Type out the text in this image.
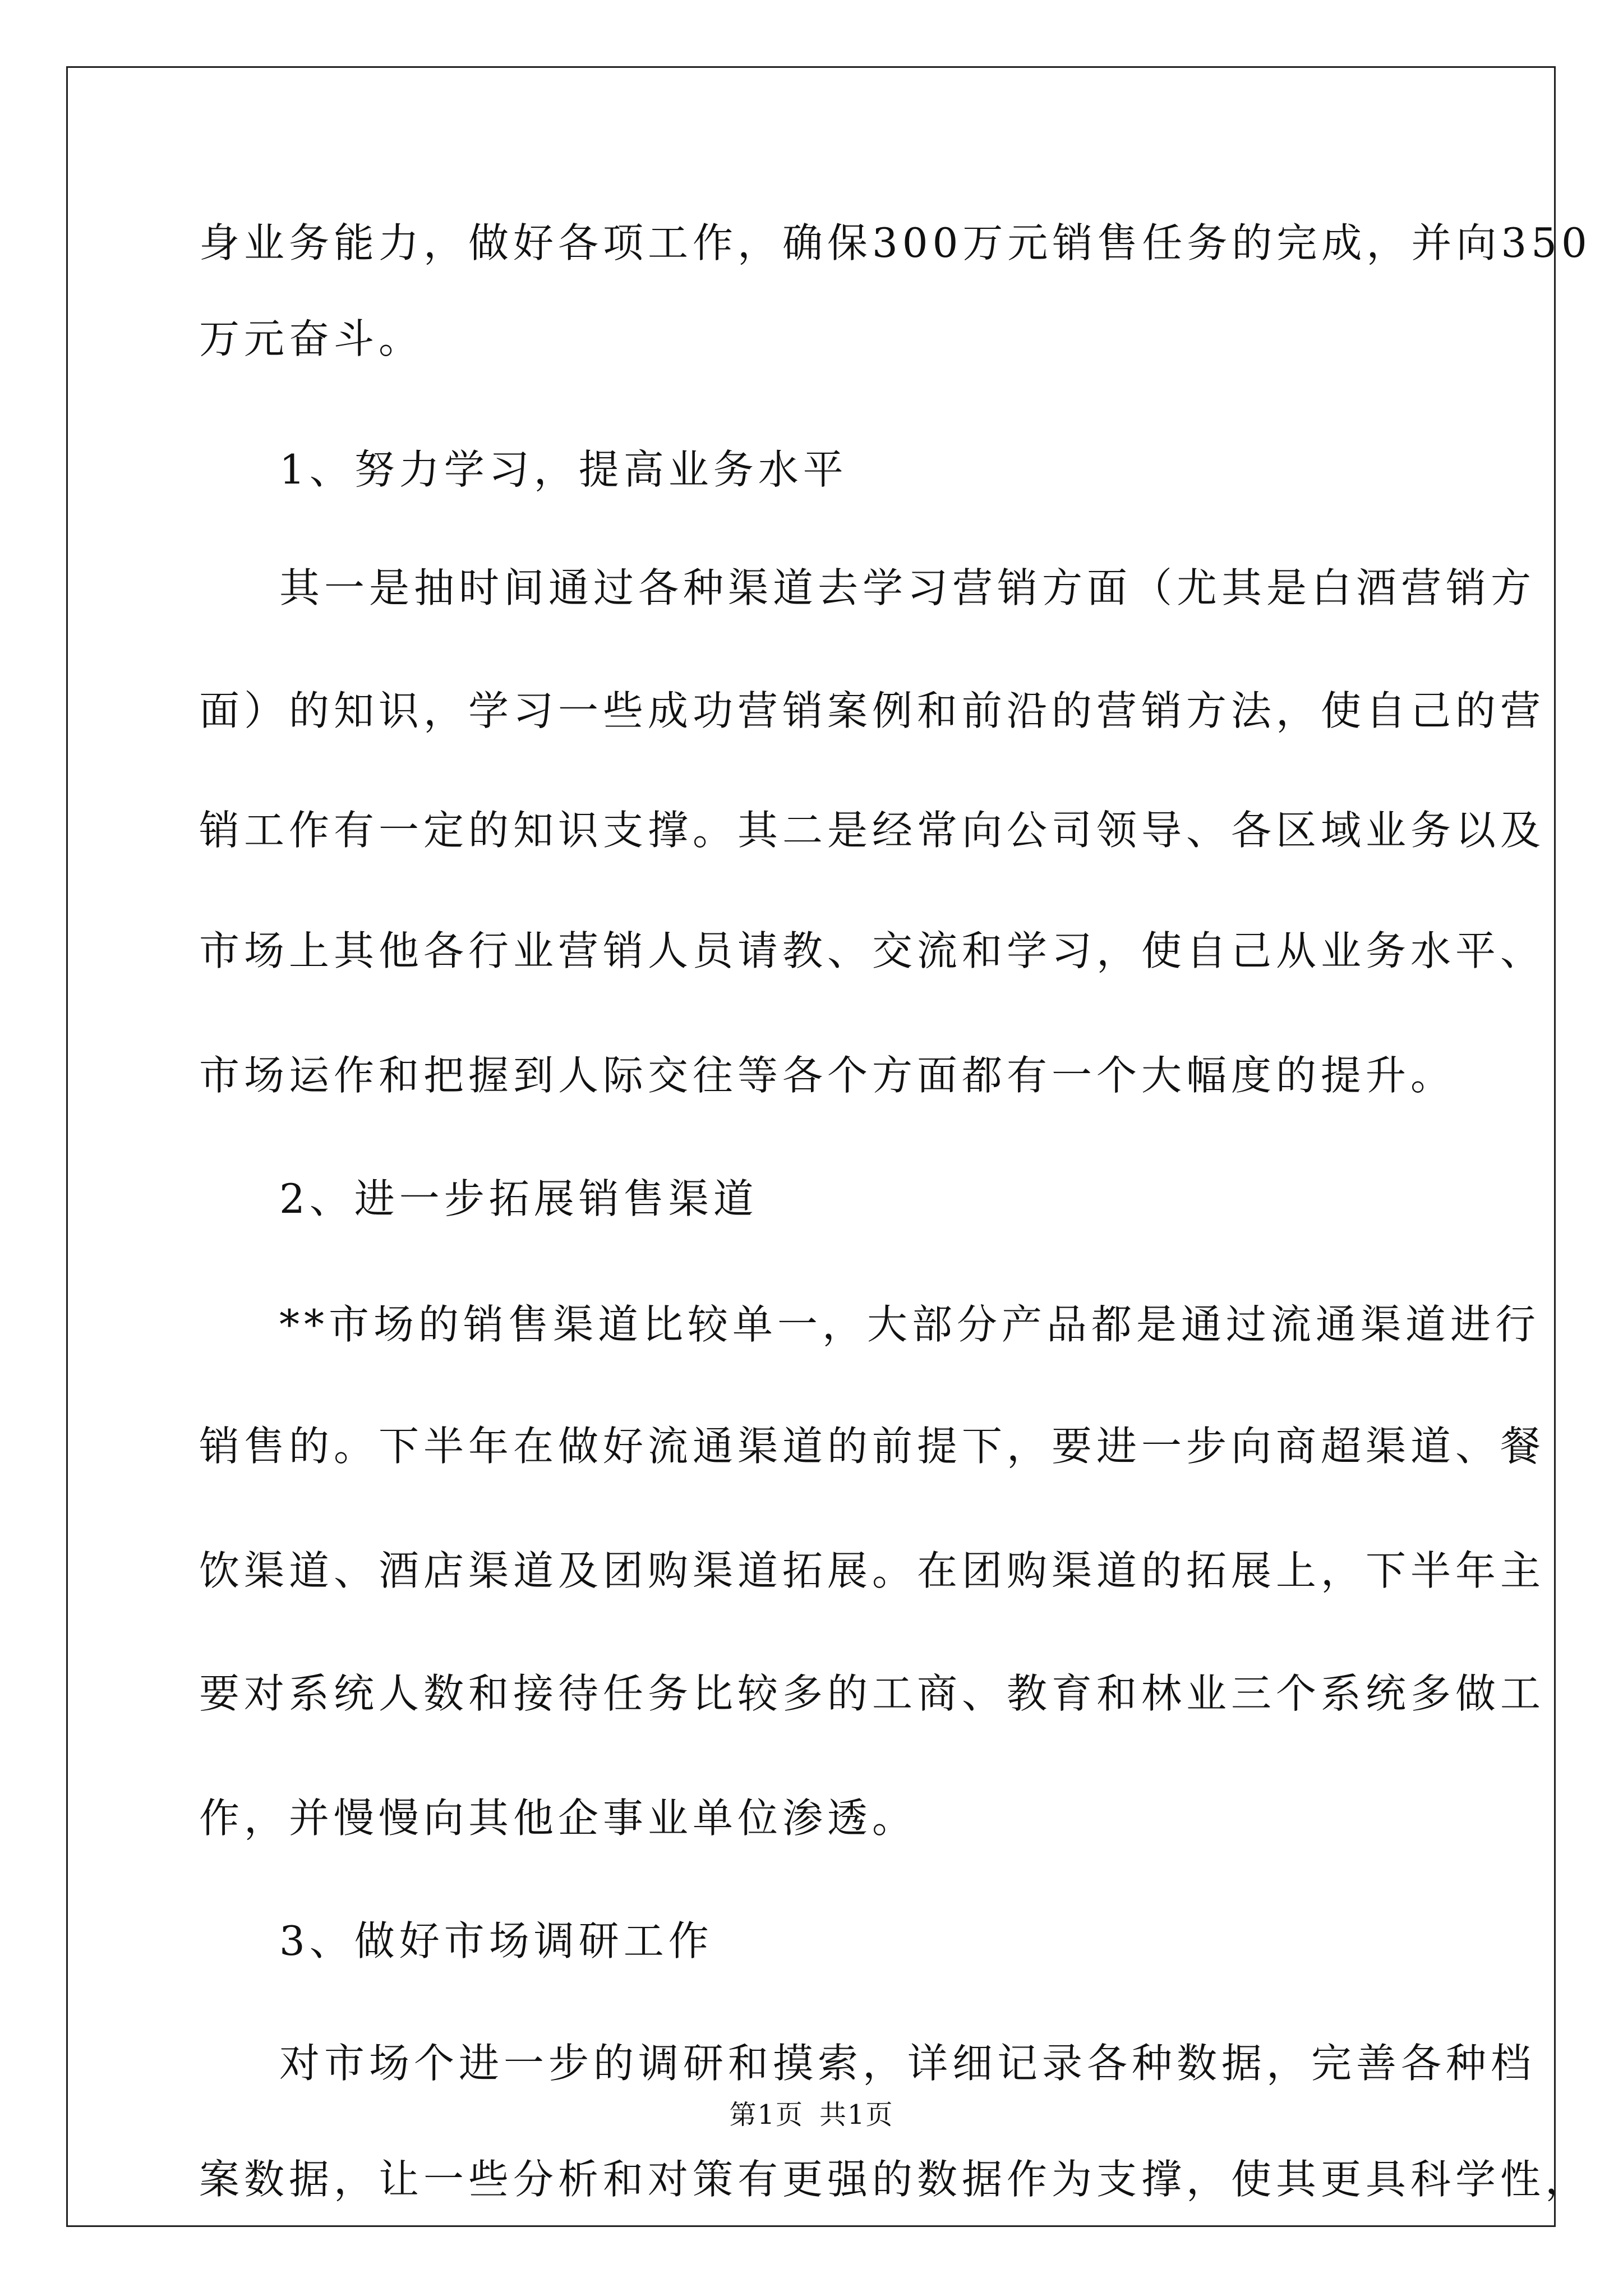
身业务能力，做好各项工作，确保300万元销售任务的完成，并向350
万元奋斗。
1、努力学习，提高业务水平
其一是抽时间通过各种渠道去学习营销方面（尤其是白酒营销方
面）的知识，学习一些成功营销案例和前沿的营销方法，使自己的营
销工作有一定的知识支撑。其二是经常向公司领导、各区域业务以及
市场上其他各行业营销人员请教、交流和学习，使自己从业务水平、
市场运作和把握到人际交往等各个方面都有一个大幅度的提升。
2、进一步拓展销售渠道
**市场的销售渠道比较单一，大部分产品都是通过流通渠道进行
销售的。下半年在做好流通渠道的前提下，要进一步向商超渠道、餐
饮渠道、酒店渠道及团购渠道拓展。在团购渠道的拓展上，下半年主
要对系统人数和接待任务比较多的工商、教育和林业三个系统多做工
作，并慢慢向其他企事业单位渗透。
3、做好市场调研工作
对市场个进一步的调研和摸索，详细记录各种数据，完善各种档
案数据，让一些分析和对策有更强的数据作为支撑，使其更具科学性，
第1页 共1页
